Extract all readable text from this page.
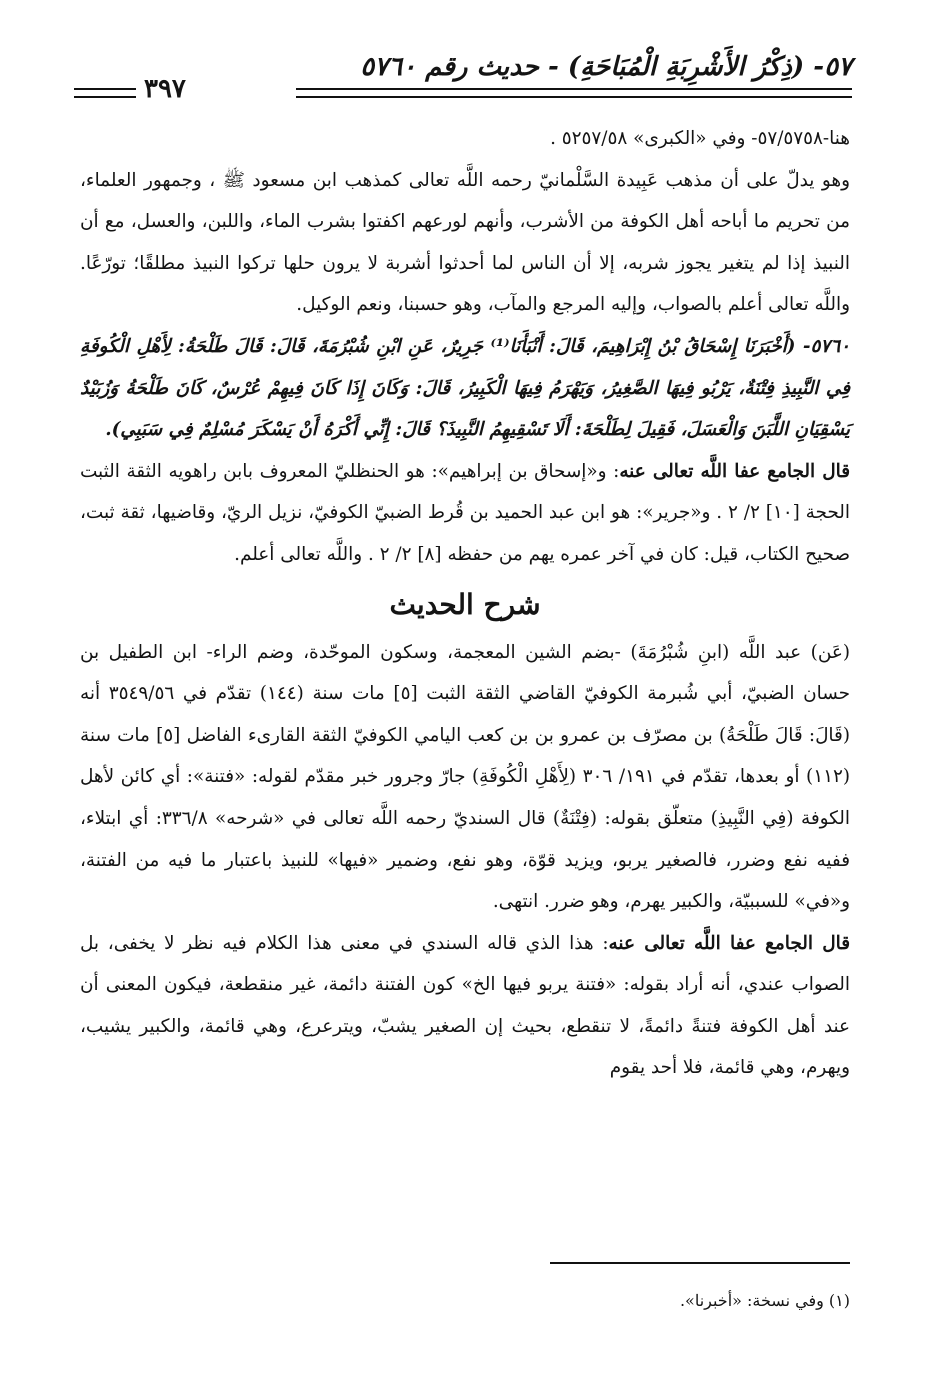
٥٧- (ذِكْرُ الأَشْرِبَةِ الْمُبَاحَةِ) - حديث رقم ٥٧٦٠
٣٩٧

هنا-٥٧/٥٧٥٨- وفي «الكبرى» ٥٢٥٧/٥٨ .

وهو يدلّ على أن مذهب عَبِيدة السَّلْمانيّ رحمه اللَّه تعالى كمذهب ابن مسعود ﷺ ، وجمهور العلماء، من تحريم ما أباحه أهل الكوفة من الأشرب، وأنهم لورعهم اكفتوا بشرب الماء، واللبن، والعسل، مع أن النبيذ إذا لم يتغير يجوز شربه، إلا أن الناس لما أحدثوا أشربة لا يرون حلها تركوا النبيذ مطلقًا؛ تورّعًا. واللَّه تعالى أعلم بالصواب، وإليه المرجع والمآب، وهو حسبنا، ونعم الوكيل.

٥٧٦٠- (أَخْبَرَنَا إِسْحَاقُ بْنُ إِبْرَاهِيمَ، قَالَ: أَنْبَأَنَا⁽¹⁾ جَرِيرٌ، عَنِ ابْنِ شُبْرُمَةَ، قَالَ: قَالَ طَلْحَةُ: لِأَهْلِ الْكُوفَةِ فِي النَّبِيذِ فِتْنَةٌ، يَرْبُو فِيهَا الصَّغِيرُ، وَيَهْرَمُ فِيهَا الْكَبِيرُ، قَالَ: وَكَانَ إِذَا كَانَ فِيهِمْ عُرْسٌ، كَانَ طَلْحَةُ وَزُبَيْدٌ يَسْقِيَانِ اللَّبَنَ وَالْعَسَلَ، فَقِيلَ لِطَلْحَةَ: أَلَا تَسْقِيهِمُ النَّبِيذَ؟ قَالَ: إِنِّي أَكْرَهُ أَنْ يَسْكَرَ مُسْلِمٌ فِي سَبَبِي).

قال الجامع عفا اللَّه تعالى عنه: و«إسحاق بن إبراهيم»: هو الحنظليّ المعروف بابن راهويه الثقة الثبت الحجة [١٠] ٢/ ٢ . و«جرير»: هو ابن عبد الحميد بن قُرط الضبيّ الكوفيّ، نزيل الريّ، وقاضيها، ثقة ثبت، صحيح الكتاب، قيل: كان في آخر عمره يهم من حفظه [٨] ٢/ ٢ . واللَّه تعالى أعلم.

شرح الحديث

(عَن) عبد اللَّه (ابنِ شُبْرُمَةَ) -بضم الشين المعجمة، وسكون الموحّدة، وضم الراء- ابن الطفيل بن حسان الضبيّ، أبي شُبرمة الكوفيّ القاضي الثقة الثبت [٥] مات سنة (١٤٤) تقدّم في ٣٥٤٩/٥٦ أنه (قَالَ: قَالَ طَلْحَةُ) بن مصرّف بن عمرو بن بن كعب اليامي الكوفيّ الثقة القارىء الفاضل [٥] مات سنة (١١٢) أو بعدها، تقدّم في ١٩١/ ٣٠٦ (لِأَهْلِ الْكُوفَةِ) جارّ وجرور خبر مقدّم لقوله: «فتنة»: أي كائن لأهل الكوفة (فِي النَّبِيذِ) متعلّق بقوله: (فِتْنَةٌ) قال السنديّ رحمه اللَّه تعالى في «شرحه» ٣٣٦/٨: أي ابتلاء، ففيه نفع وضرر، فالصغير يربو، ويزيد قوّة، وهو نفع، وضمير «فيها» للنبيذ باعتبار ما فيه من الفتنة، و«في» للسببيّة، والكبير يهرم، وهو ضرر. انتهى.

قال الجامع عفا اللَّه تعالى عنه: هذا الذي قاله السندي في معنى هذا الكلام فيه نظر لا يخفى، بل الصواب عندي، أنه أراد بقوله: «فتنة يربو فيها الخ» كون الفتنة دائمة، غير منقطعة، فيكون المعنى أن عند أهل الكوفة فتنةً دائمةً، لا تنقطع، بحيث إن الصغير يشبّ، ويترعرع، وهي قائمة، والكبير يشيب، ويهرم، وهي قائمة، فلا أحد يقوم

(١) وفي نسخة: «أخبرنا».
